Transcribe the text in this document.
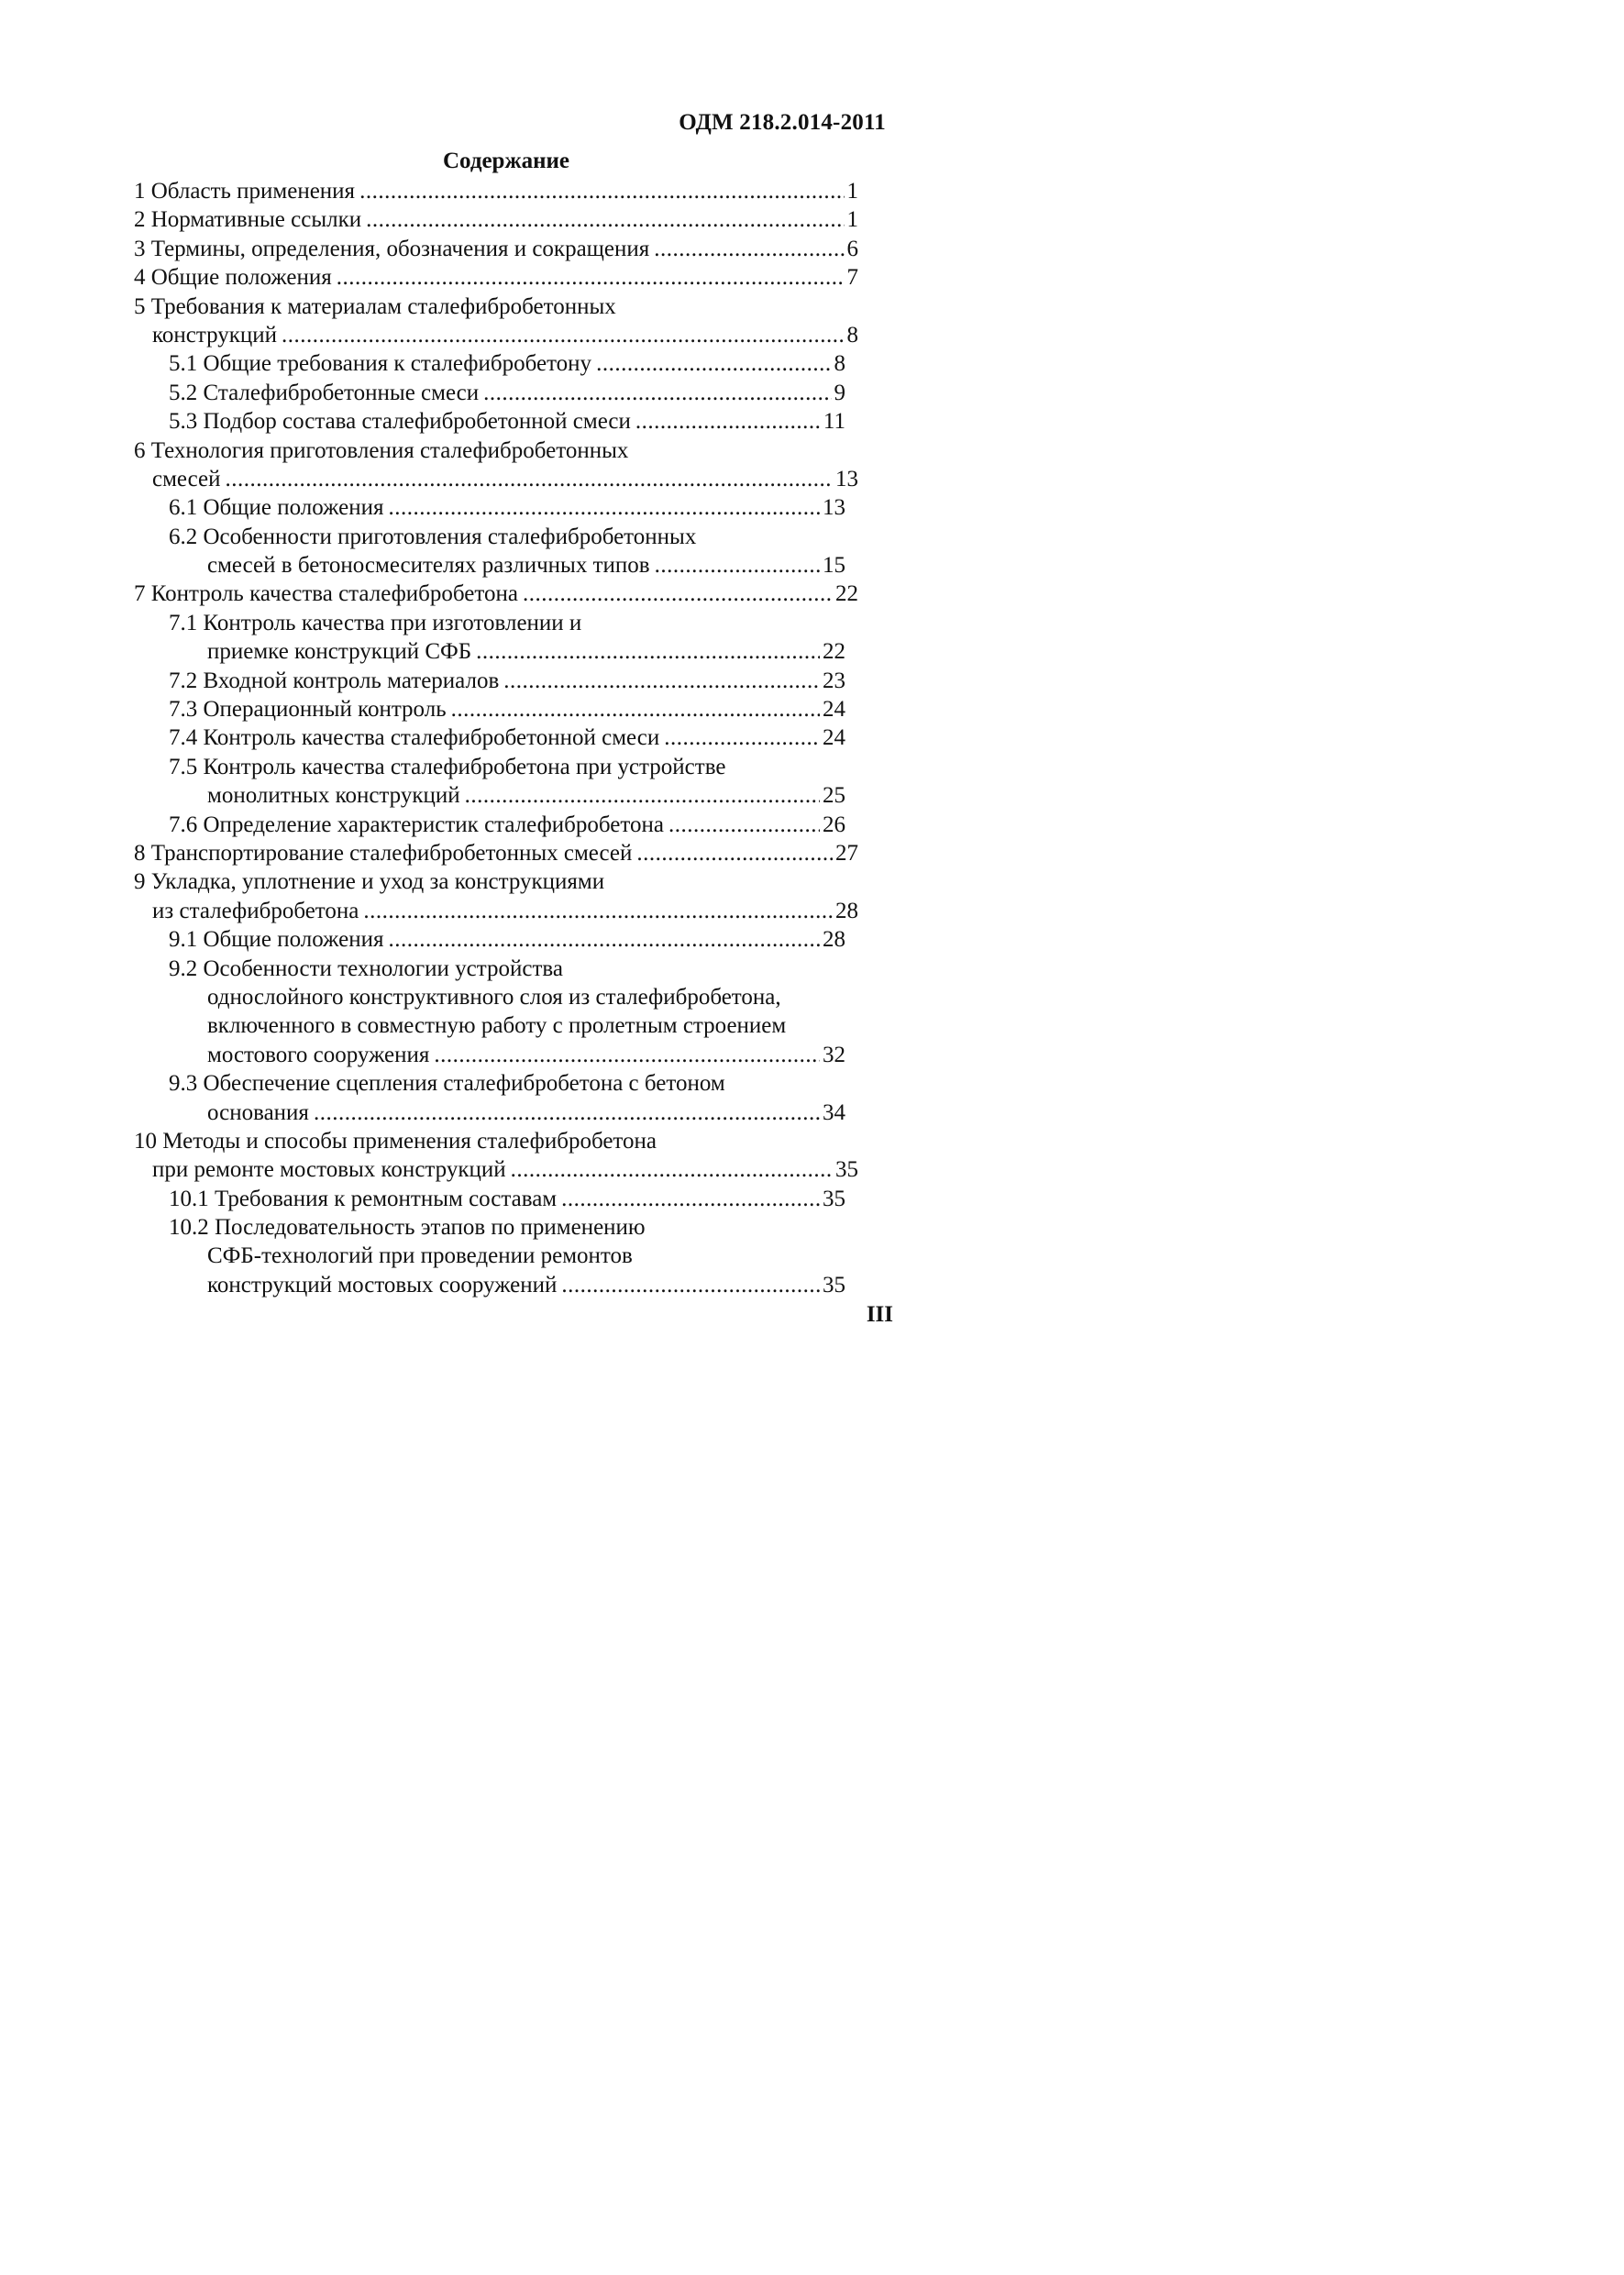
ОДМ 218.2.014-2011
Содержание
1 Область применения .....	1
2 Нормативные ссылки .....	1
3 Термины, определения, обозначения и сокращения .....	6
4 Общие положения .....	7
5 Требования к материалам сталефибробетонных
конструкций .....	8
5.1 Общие требования к сталефибробетону .....	8
5.2 Сталефибробетонные смеси .....	9
5.3 Подбор состава сталефибробетонной смеси .....	11
6 Технология приготовления сталефибробетонных
смесей .....	13
6.1 Общие положения .....	13
6.2 Особенности приготовления сталефибробетонных
смесей в бетоносмесителях различных типов .....	15
7 Контроль качества сталефибробетона .....	22
7.1 Контроль качества при изготовлении и
приемке конструкций СФБ .....	22
7.2 Входной контроль материалов .....	23
7.3 Операционный контроль .....	24
7.4 Контроль качества сталефибробетонной смеси .....	24
7.5 Контроль качества сталефибробетона при устройстве
монолитных конструкций .....	25
7.6 Определение характеристик сталефибробетона .....	26
8 Транспортирование сталефибробетонных смесей .....	27
9 Укладка, уплотнение и уход за конструкциями
из сталефибробетона .....	28
9.1 Общие положения .....	28
9.2 Особенности технологии устройства
однослойного конструктивного слоя из сталефибробетона,
включенного в совместную работу с пролетным строением
мостового сооружения .....	32
9.3 Обеспечение сцепления сталефибробетона с бетоном
основания .....	34
10 Методы и способы применения сталефибробетона
при ремонте мостовых конструкций .....	35
10.1 Требования к ремонтным составам .....	35
10.2 Последовательность этапов по применению
СФБ-технологий при проведении ремонтов
конструкций мостовых сооружений .....	35
III
